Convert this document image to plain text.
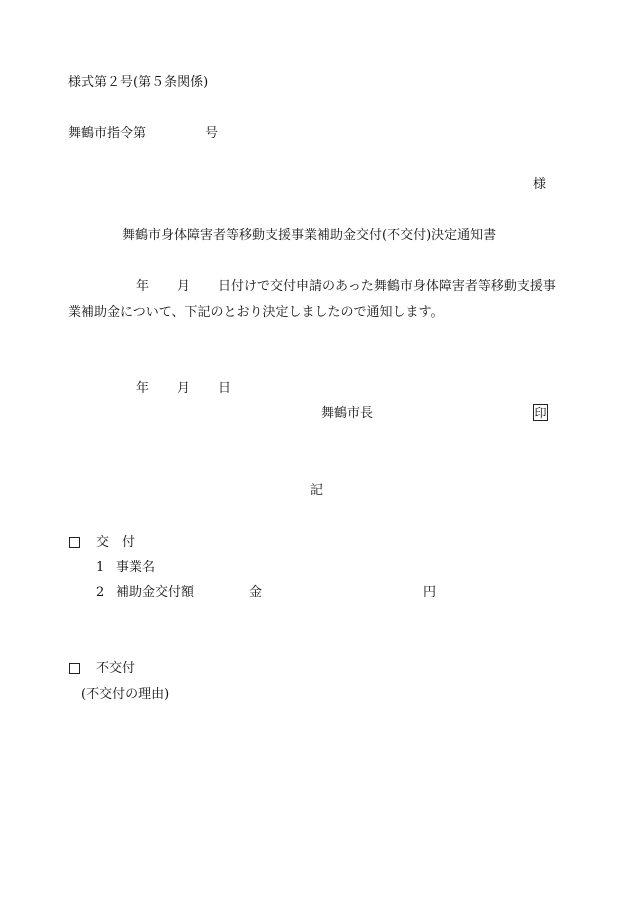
様式第２号(第５条関係)
舞鶴市指令第	号
様
舞鶴市身体障害者等移動支援事業補助金交付(不交付)決定通知書
年 月 日付けで交付申請のあった舞鶴市身体障害者等移動支援事
業補助金について、下記のとおり決定しましたので通知します。
年 月 日
舞鶴市長	印
記
交　付
1 事業名
2 補助金交付額	金	円
不交付
(不交付の理由)
